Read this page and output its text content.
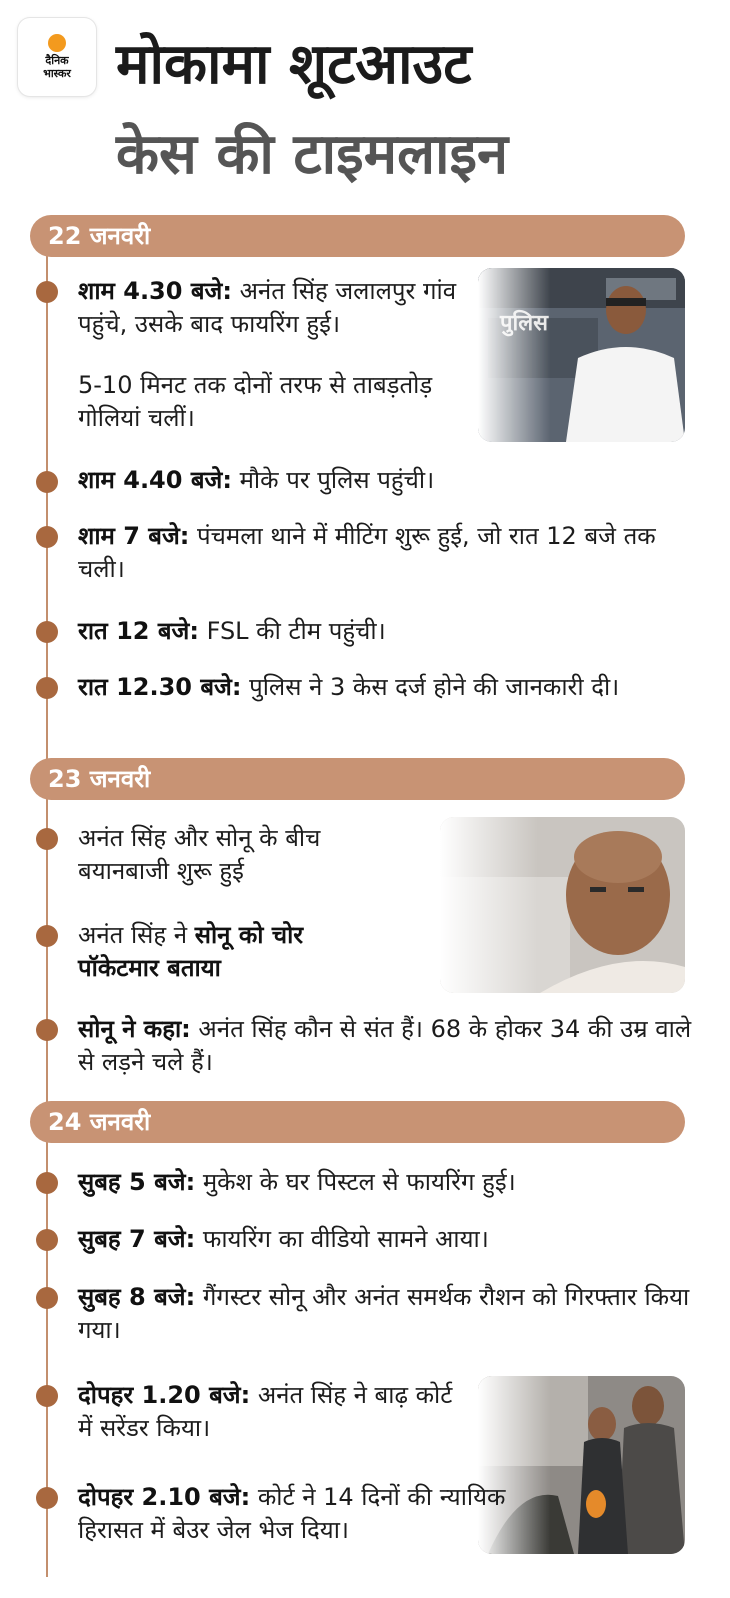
दैनिक
भास्कर मोकामा शूटआउट
केस की टाइमलाइन
22 जनवरी
शाम 4.30 बजे: अनंत सिंह जलालपुर गांव पहुंचे, उसके बाद फायरिंग हुई।
5-10 मिनट तक दोनों तरफ से ताबड़तोड़ गोलियां चलीं।
शाम 4.40 बजे: मौके पर पुलिस पहुंची।
शाम 7 बजे: पंचमला थाने में मीटिंग शुरू हुई, जो रात 12 बजे तक चली।
रात 12 बजे: FSL की टीम पहुंची।
रात 12.30 बजे: पुलिस ने 3 केस दर्ज होने की जानकारी दी।
23 जनवरी
अनंत सिंह और सोनू के बीच बयानबाजी शुरू हुई
अनंत सिंह ने सोनू को चोर पॉकेटमार बताया
सोनू ने कहा: अनंत सिंह कौन से संत हैं। 68 के होकर 34 की उम्र वाले से लड़ने चले हैं।
24 जनवरी
सुबह 5 बजे: मुकेश के घर पिस्टल से फायरिंग हुई।
सुबह 7 बजे: फायरिंग का वीडियो सामने आया।
सुबह 8 बजे: गैंगस्टर सोनू और अनंत समर्थक रौशन को गिरफ्तार किया गया।
दोपहर 1.20 बजे: अनंत सिंह ने बाढ़ कोर्ट में सरेंडर किया।
दोपहर 2.10 बजे: कोर्ट ने 14 दिनों की न्यायिक हिरासत में बेउर जेल भेज दिया।
